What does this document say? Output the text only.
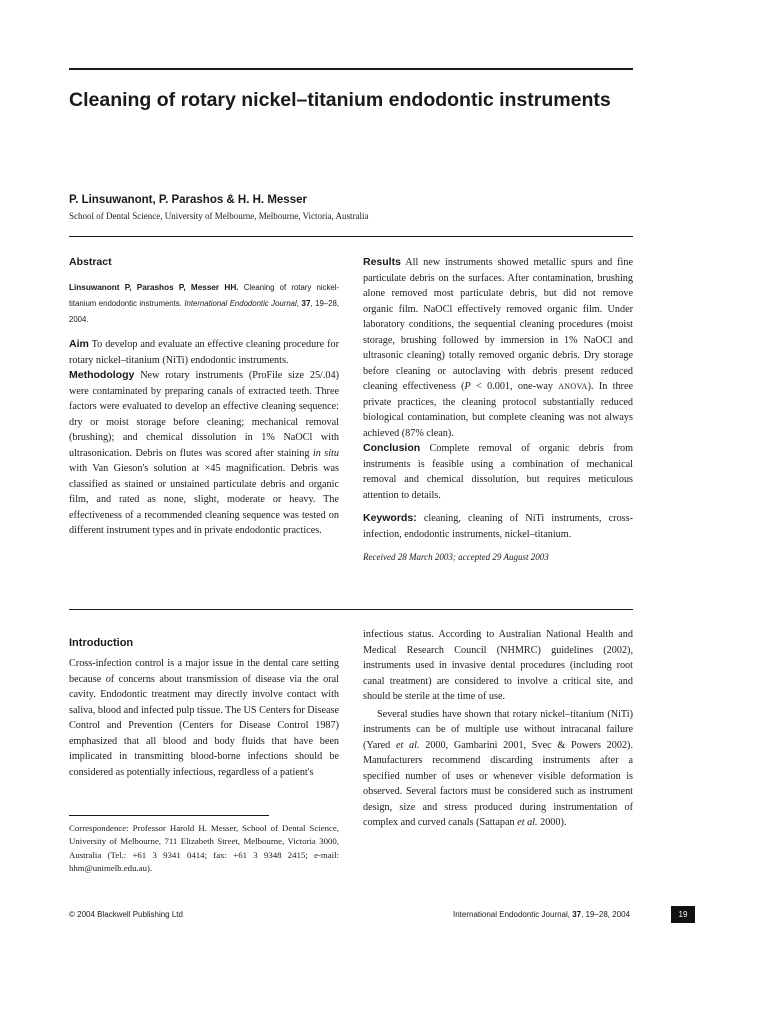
Cleaning of rotary nickel–titanium endodontic instruments
P. Linsuwanont, P. Parashos & H. H. Messer
School of Dental Science, University of Melbourne, Melbourne, Victoria, Australia
Abstract

Linsuwanont P, Parashos P, Messer HH. Cleaning of rotary nickel-titanium endodontic instruments. International Endodontic Journal, 37, 19–28, 2004.

Aim To develop and evaluate an effective cleaning procedure for rotary nickel–titanium (NiTi) endodontic instruments.

Methodology New rotary instruments (ProFile size 25/.04) were contaminated by preparing canals of extracted teeth. Three factors were evaluated to develop an effective cleaning sequence: dry or moist storage before cleaning; mechanical removal (brushing); and chemical dissolution in 1% NaOCl with ultrasonication. Debris on flutes was scored after staining in situ with Van Gieson's solution at ×45 magnification. Debris was classified as stained or unstained particulate debris and organic film, and rated as none, slight, moderate or heavy. The effectiveness of a recommended cleaning sequence was tested on different instrument types and in private endodontic practices.

Results All new instruments showed metallic spurs and fine particulate debris on the surfaces. After contamination, brushing alone removed most particulate debris, but did not remove organic film. NaOCl effectively removed organic film. Under laboratory conditions, the sequential cleaning procedures (moist storage, brushing followed by immersion in 1% NaOCl and ultrasonic cleaning) totally removed organic debris. Dry storage before cleaning or autoclaving with debris present reduced cleaning effectiveness (P < 0.001, one-way ANOVA). In three private practices, the cleaning protocol substantially reduced biological contamination, but complete cleaning was not always achieved (87% clean).

Conclusion Complete removal of organic debris from instruments is feasible using a combination of mechanical removal and chemical dissolution, but requires meticulous attention to details.

Keywords: cleaning, cleaning of NiTi instruments, cross-infection, endodontic instruments, nickel–titanium.

Received 28 March 2003; accepted 29 August 2003
Introduction

Cross-infection control is a major issue in the dental care setting because of concerns about transmission of disease via the oral cavity. Endodontic treatment may directly involve contact with saliva, blood and infected pulp tissue. The US Centers for Disease Control and Prevention (Centers for Disease Control 1987) emphasized that all blood and body fluids that have been implicated in transmitting blood-borne infections should be considered as potentially infectious, regardless of a patient's

Correspondence: Professor Harold H. Messer, School of Dental Science, University of Melbourne, 711 Elizabeth Street, Melbourne, Victoria 3000, Australia (Tel.: +61 3 9341 0414; fax: +61 3 9348 2415; e-mail: hhm@unimelb.edu.au).

infectious status. According to Australian National Health and Medical Research Council (NHMRC) guidelines (2002), instruments used in invasive dental procedures (including root canal treatment) are considered to involve a critical site, and should be sterile at the time of use.

Several studies have shown that rotary nickel–titanium (NiTi) instruments can be of multiple use without intracanal failure (Yared et al. 2000, Gambarini 2001, Svec & Powers 2002). Manufacturers recommend discarding instruments after a specified number of uses or whenever visible deformation is observed. Several factors must be considered such as instrument design, size and stress produced during instrumentation of complex and curved canals (Sattapan et al. 2000).

© 2004 Blackwell Publishing Ltd	International Endodontic Journal, 37, 19–28, 2004	19
